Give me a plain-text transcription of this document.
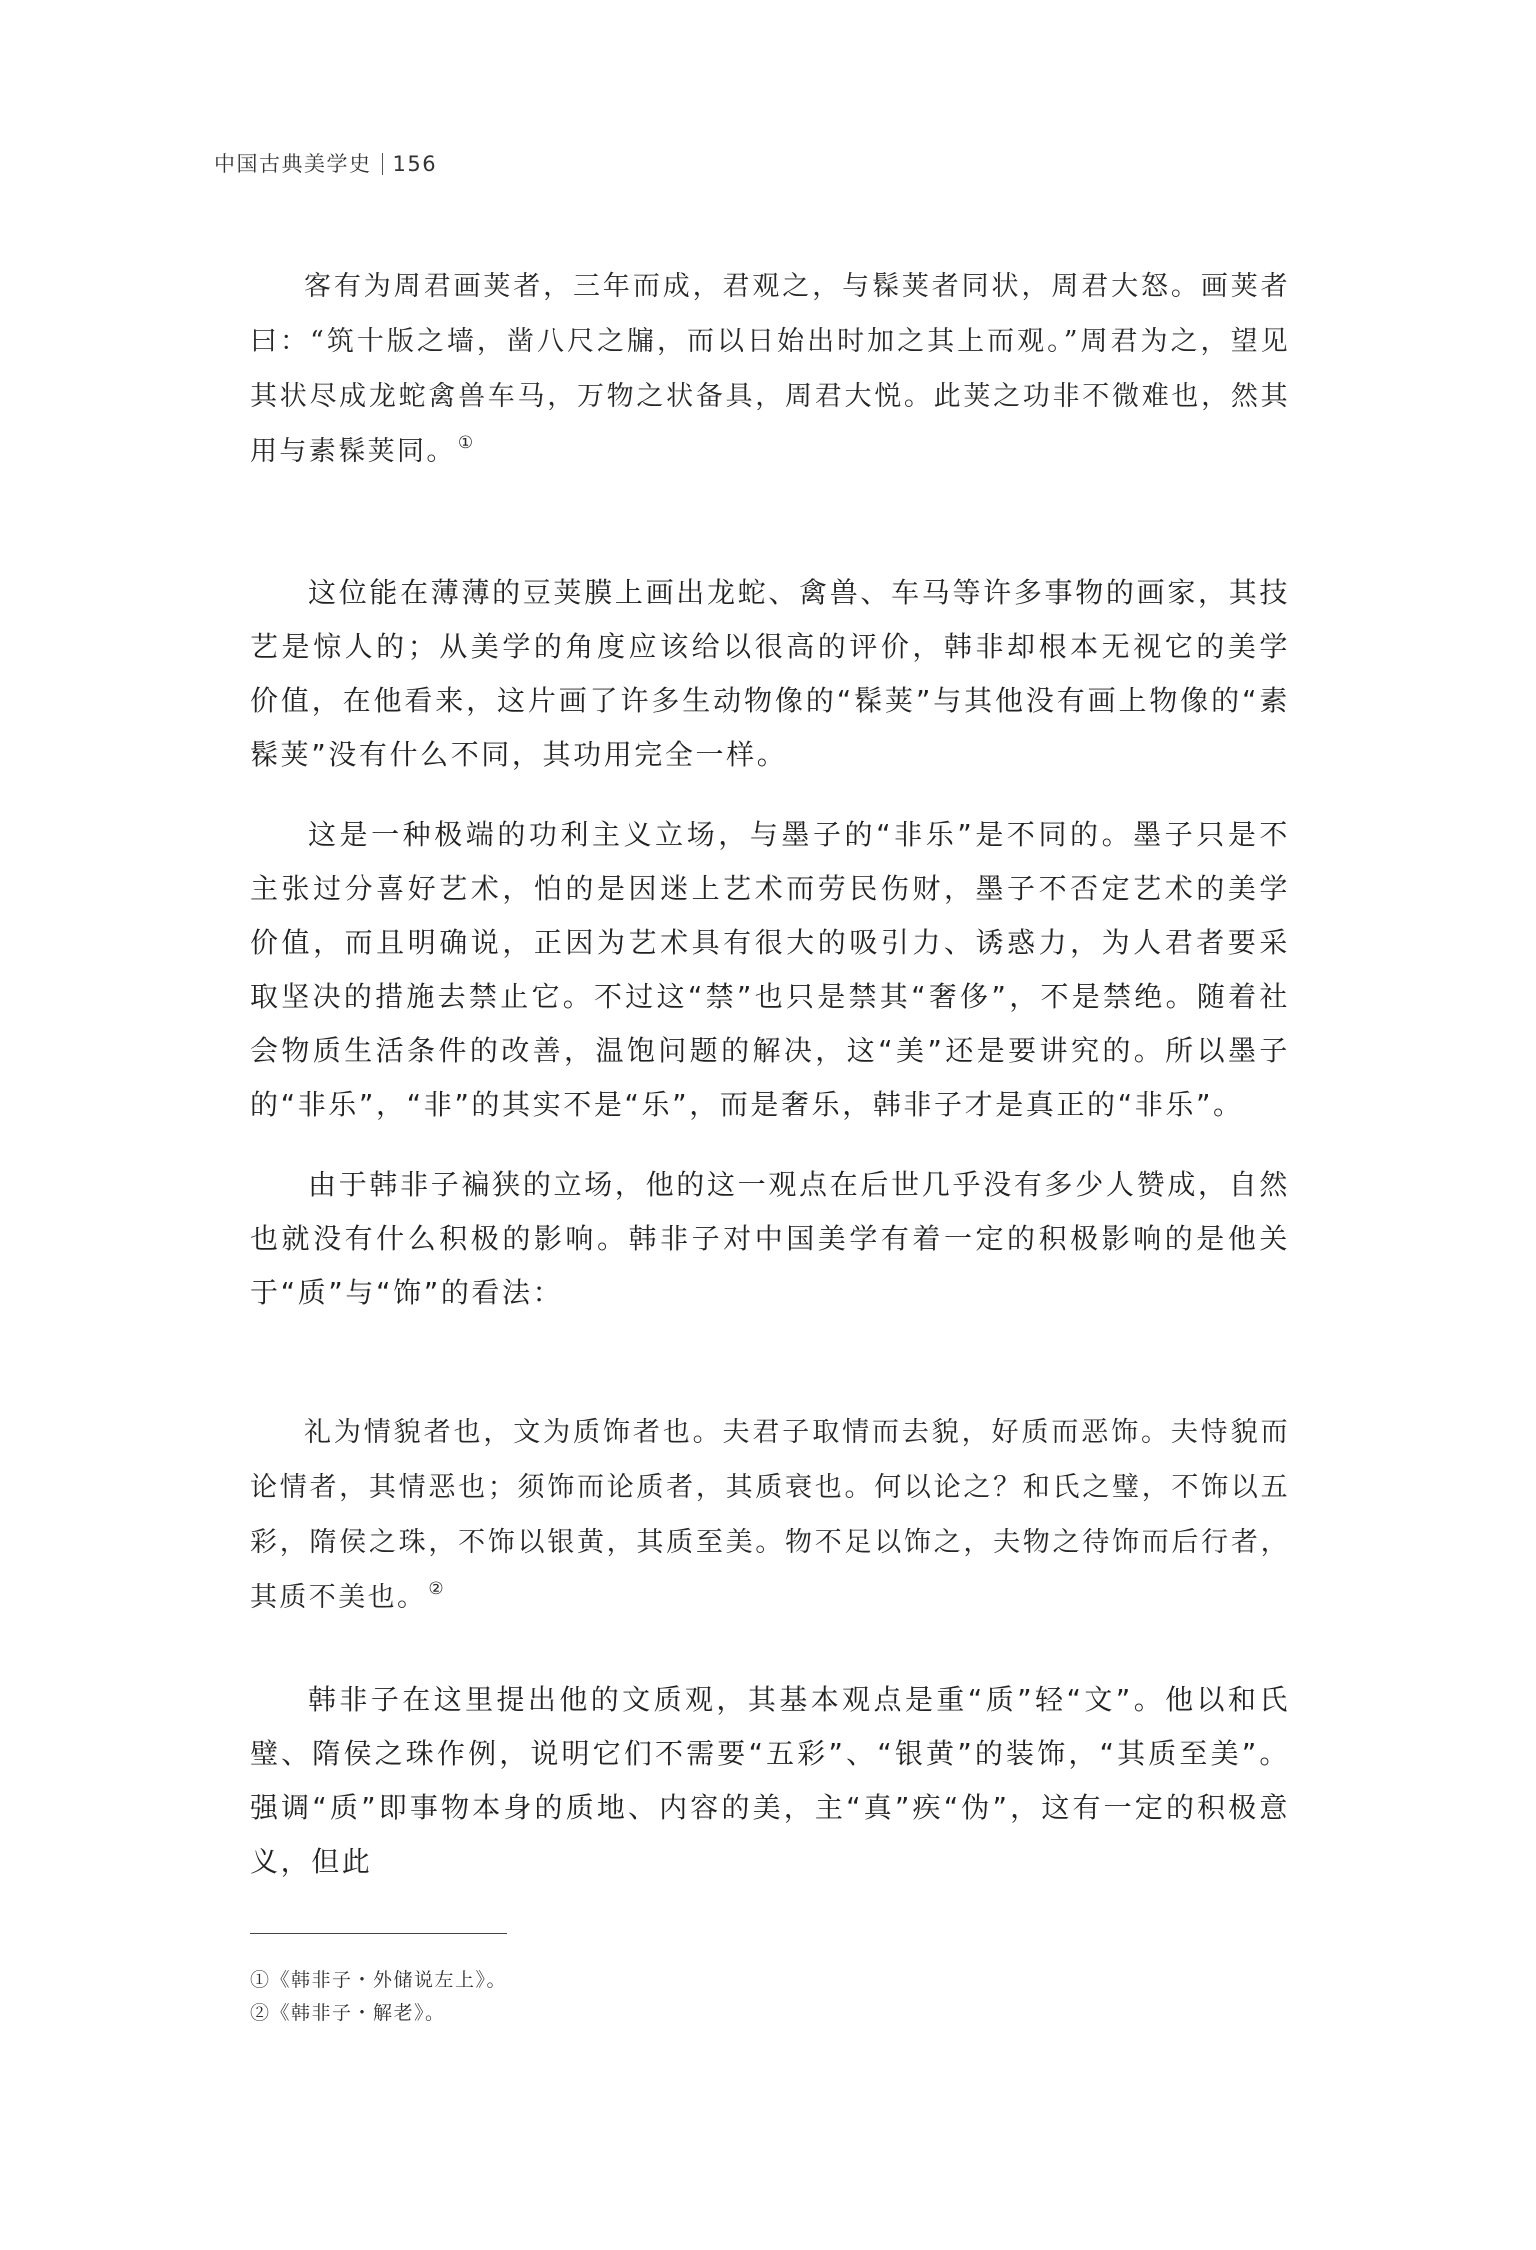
中国古典美学史 156

客有为周君画荚者，三年而成，君观之，与髹荚者同状，周君大怒。画荚者曰：“筑十版之墙，凿八尺之牖，而以日始出时加之其上而观。”周君为之，望见其状尽成龙蛇禽兽车马，万物之状备具，周君大悦。此荚之功非不微难也，然其用与素髹荚同。 ①

这位能在薄薄的豆荚膜上画出龙蛇、禽兽、车马等许多事物的画家，其技艺是惊人的；从美学的角度应该给以很高的评价，韩非却根本无视它的美学价值，在他看来，这片画了许多生动物像的“髹荚”与其他没有画上物像的“素髹荚”没有什么不同，其功用完全一样。

这是一种极端的功利主义立场，与墨子的“非乐”是不同的。墨子只是不主张过分喜好艺术，怕的是因迷上艺术而劳民伤财，墨子不否定艺术的美学价值，而且明确说，正因为艺术具有很大的吸引力、诱惑力，为人君者要采取坚决的措施去禁止它。不过这“禁”也只是禁其“奢侈”，不是禁绝。随着社会物质生活条件的改善，温饱问题的解决，这“美”还是要讲究的。所以墨子的“非乐”，“非”的其实不是“乐”，而是奢乐，韩非子才是真正的“非乐”。

由于韩非子褊狭的立场，他的这一观点在后世几乎没有多少人赞成，自然也就没有什么积极的影响。韩非子对中国美学有着一定的积极影响的是他关于“质”与“饰”的看法：

礼为情貌者也，文为质饰者也。夫君子取情而去貌，好质而恶饰。夫恃貌而论情者，其情恶也；须饰而论质者，其质衰也。何以论之？和氏之璧，不饰以五彩，隋侯之珠，不饰以银黄，其质至美。物不足以饰之，夫物之待饰而后行者，其质不美也。 ②

韩非子在这里提出他的文质观，其基本观点是重“质”轻“文”。他以和氏璧、隋侯之珠作例，说明它们不需要“五彩”、“银黄”的装饰，“其质至美”。强调“质”即事物本身的质地、内容的美，主“真”疾“伪”，这有一定的积极意义，但此

①《韩非子・外储说左上》。

②《韩非子・解老》。
